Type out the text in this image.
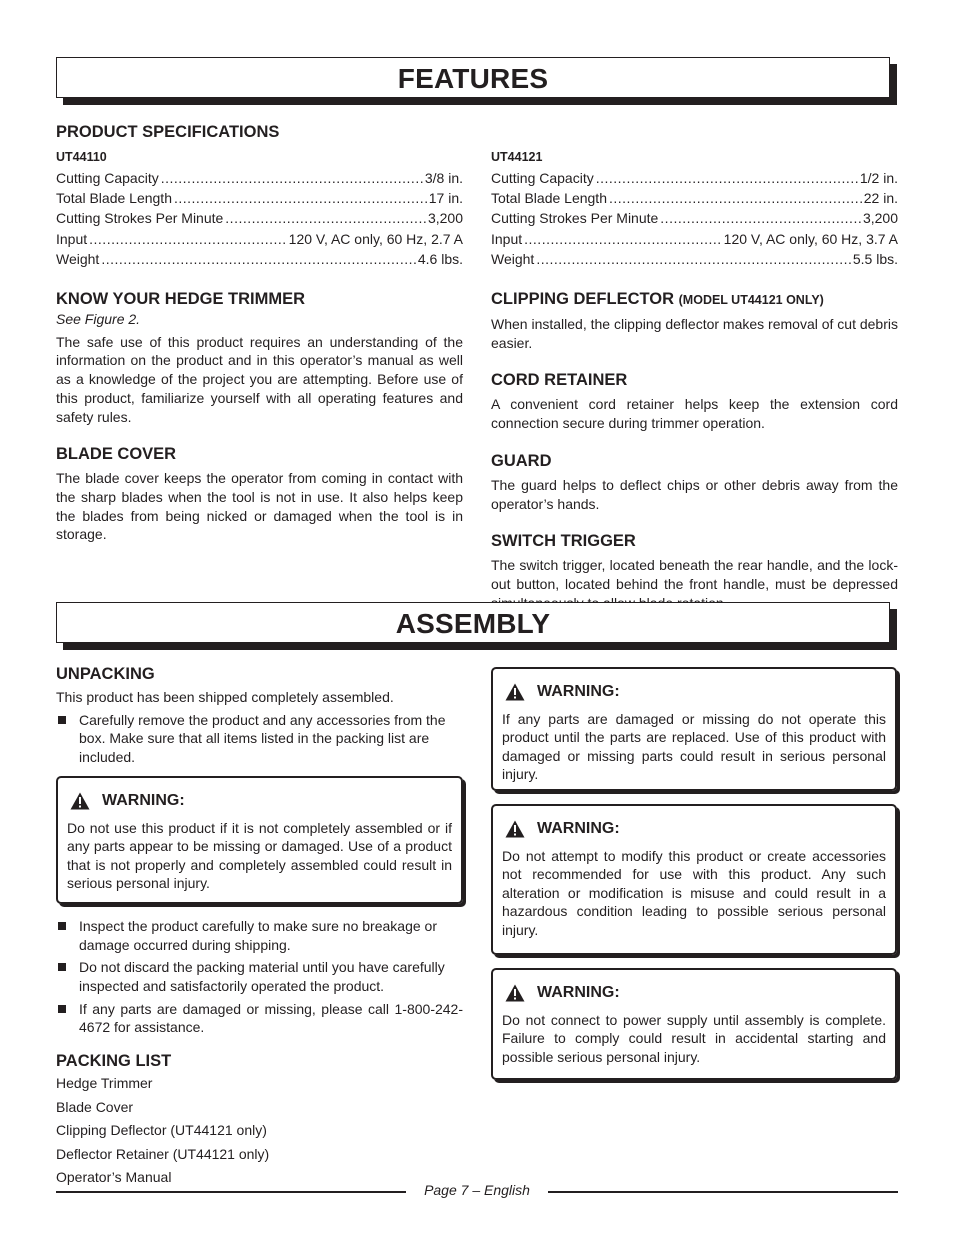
FEATURES
PRODUCT SPECIFICATIONS
UT44110
Cutting Capacity .....	3/8 in.
Total Blade Length .....	17 in.
Cutting Strokes Per Minute .....	3,200
Input .....	120 V, AC only, 60 Hz, 2.7 A
Weight .....	4.6 lbs.
KNOW YOUR HEDGE TRIMMER
See Figure 2.

The safe use of this product requires an understanding of the information on the product and in this operator’s manual as well as a knowledge of the project you are attempting. Before use of this product, familiarize yourself with all operating features and safety rules.

BLADE COVER

The blade cover keeps the operator from coming in contact with the sharp blades when the tool is not in use. It also helps keep the blades from being nicked or damaged when the tool is in storage.

UT44121
Cutting Capacity .....	1/2 in.
Total Blade Length .....	22 in.
Cutting Strokes Per Minute .....	3,200
Input .....	120 V, AC only, 60 Hz, 3.7 A
Weight .....	5.5 lbs.
CLIPPING DEFLECTOR (MODEL UT44121 ONLY)

When installed, the clipping deflector makes removal of cut debris easier.

CORD RETAINER

A convenient cord retainer helps keep the extension cord connection secure during trimmer operation.

GUARD

The guard helps to deflect chips or other debris away from the operator’s hands.

SWITCH TRIGGER

The switch trigger, located beneath the rear handle, and the lock-out button, located behind the front handle, must be depressed

ASSEMBLY
UNPACKING
This product has been shipped completely assembled.
Carefully remove the product and any accessories from the box. Make sure that all items listed in the packing list are included.
WARNING:

Do not use this product if it is not completely assembled or if any parts appear to be missing or damaged. Use of a product that is not properly and completely assembled could result in serious personal injury.

Inspect the product carefully to make sure no breakage or damage occurred during shipping.
Do not discard the packing material until you have carefully inspected and satisfactorily operated the product.
If any parts are damaged or missing, please call 1-800-242-4672 for assistance.
PACKING LIST
Hedge Trimmer
Blade Cover
Clipping Deflector (UT44121 only)
Deflector Retainer (UT44121 only)
Operator’s Manual
WARNING:

If any parts are damaged or missing do not operate this product until the parts are replaced. Use of this product with damaged or missing parts could result in serious personal injury.

WARNING:

Do not attempt to modify this product or create accessories not recommended for use with this product. Any such alteration or modification is misuse and could result in a hazardous condition leading to possible serious personal injury.

WARNING:

Do not connect to power supply until assembly is complete. Failure to comply could result in accidental starting and possible serious personal injury.

Page 7 – English
